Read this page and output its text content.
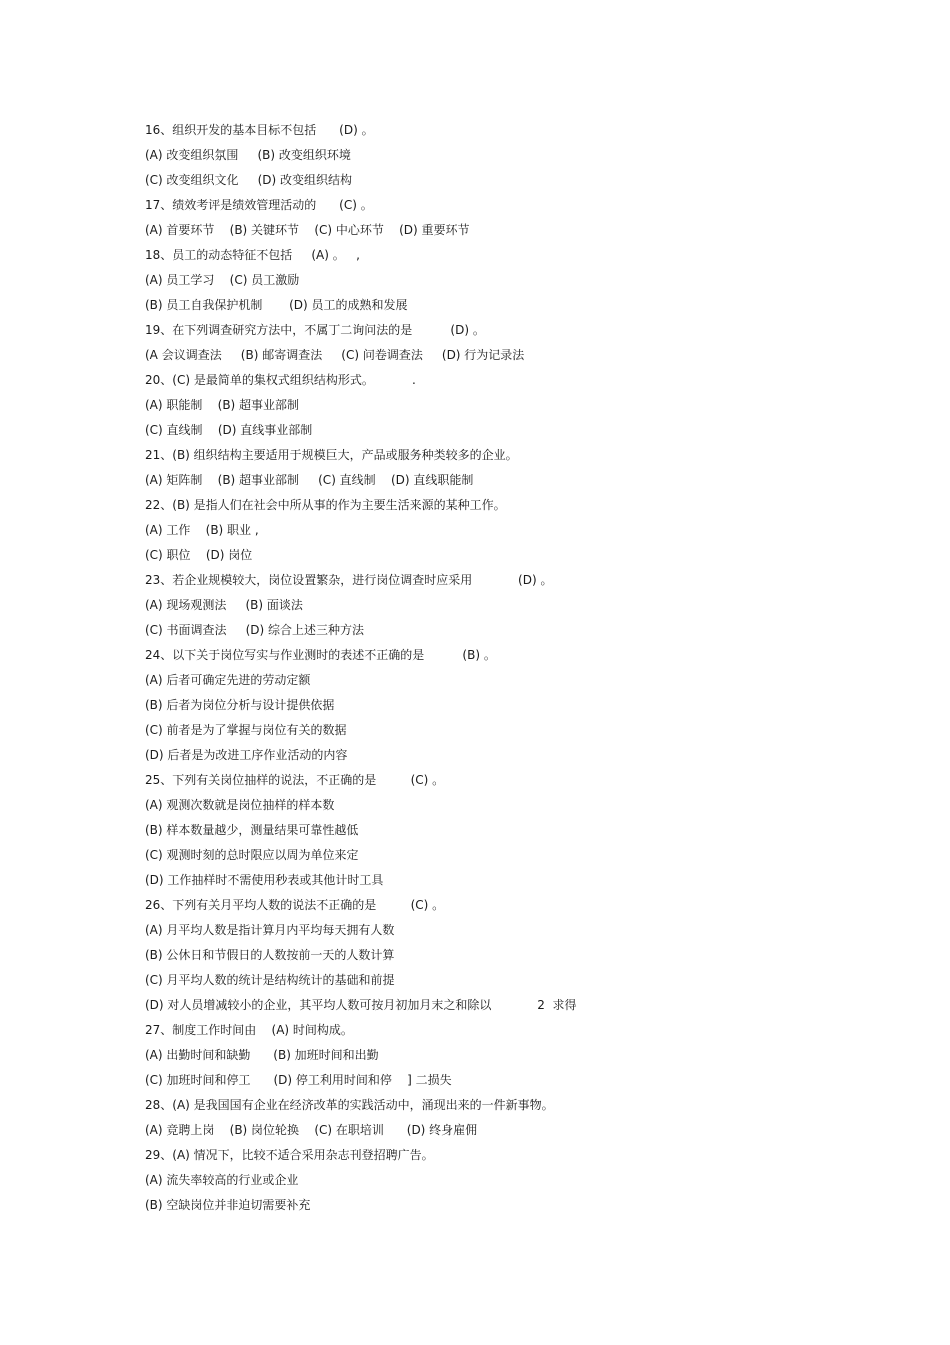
16、组织开发的基本目标不包括      (D) 。
(A) 改变组织氛围     (B) 改变组织环境
(C) 改变组织文化     (D) 改变组织结构
17、绩效考评是绩效管理活动的      (C) 。
(A) 首要环节    (B) 关键环节    (C) 中心环节    (D) 重要环节
18、员工的动态特征不包括     (A) 。   ,
(A) 员工学习    (C) 员工激励
(B) 员工自我保护机制       (D) 员工的成熟和发展
19、在下列调查研究方法中，不属丁二询问法的是          (D) 。
(A 会议调查法     (B) 邮寄调查法     (C) 问卷调查法     (D) 行为记录法
20、(C) 是最简单的集权式组织结构形式。          .
(A) 职能制    (B) 超事业部制
(C) 直线制    (D) 直线事业部制
21、(B) 组织结构主要适用于规模巨大，产品或服务种类较多的企业。
(A) 矩阵制    (B) 超事业部制     (C) 直线制    (D) 直线职能制
22、(B) 是指人们在社会中所从事的作为主要生活来源的某种工作。
(A) 工作    (B) 职业 ,
(C) 职位    (D) 岗位
23、若企业规模较大，岗位设置繁杂，进行岗位调查时应采用            (D) 。
(A) 现场观测法     (B) 面谈法
(C) 书面调查法     (D) 综合上述三种方法
24、以下关于岗位写实与作业测时的表述不正确的是          (B) 。
(A) 后者可确定先进的劳动定额
(B) 后者为岗位分析与设计提供依据
(C) 前者是为了掌握与岗位有关的数据
(D) 后者是为改进工序作业活动的内容
25、下列有关岗位抽样的说法，不正确的是         (C) 。
(A) 观测次数就是岗位抽样的样本数
(B) 样本数量越少，测量结果可靠性越低
(C) 观测时刻的总时限应以周为单位来定
(D) 工作抽样时不需使用秒表或其他计时工具
26、下列有关月平均人数的说法不正确的是         (C) 。
(A) 月平均人数是指计算月内平均每天拥有人数
(B) 公休日和节假日的人数按前一天的人数计算
(C) 月平均人数的统计是结构统计的基础和前提
(D) 对人员增减较小的企业，其平均人数可按月初加月末之和除以            2  求得
27、制度工作时间由    (A) 时间构成。
(A) 出勤时间和缺勤      (B) 加班时间和出勤
(C) 加班时间和停工      (D) 停工利用时间和停    ] 二损失
28、(A) 是我国国有企业在经济改革的实践活动中，涌现出来的一件新事物。
(A) 竞聘上岗    (B) 岗位轮换    (C) 在职培训      (D) 终身雇佣
29、(A) 情况下，比较不适合采用杂志刊登招聘广告。
(A) 流失率较高的行业或企业
(B) 空缺岗位并非迫切需要补充
